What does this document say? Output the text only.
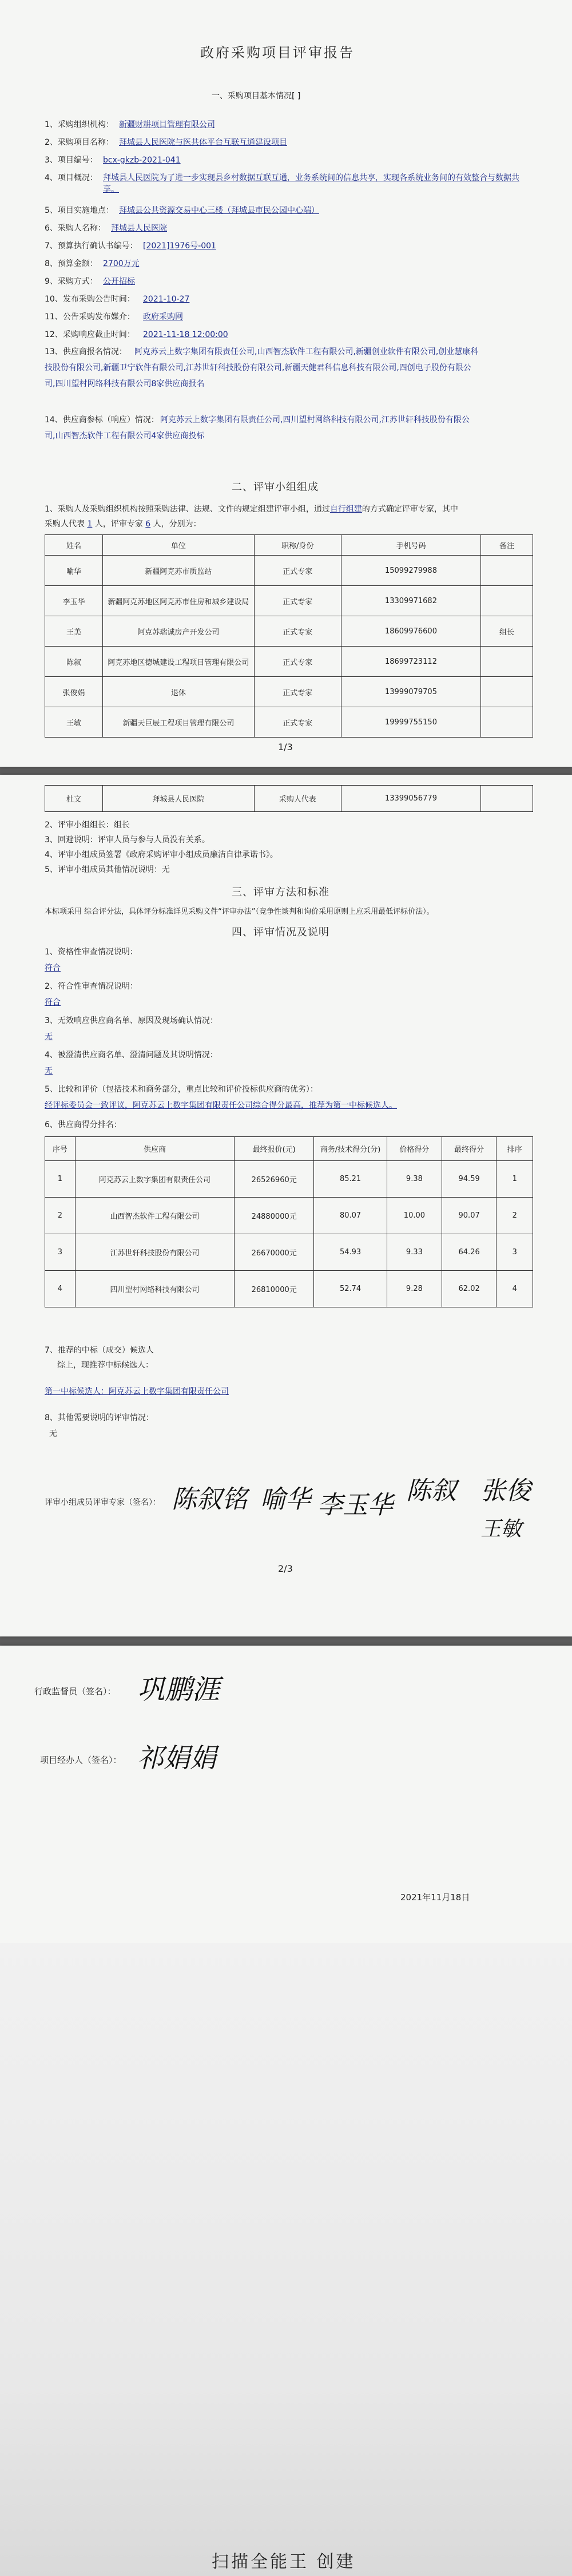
政府采购项目评审报告
一、采购项目基本情况[ ]
1、采购组织机构： 新疆财耕项目管理有限公司
2、采购项目名称： 拜城县人民医院与医共体平台互联互通建设项目
3、项目编号： bcx-gkzb-2021-041
4、项目概况： 拜城县人民医院为了进一步实现县乡村数据互联互通，业务系统间的信息共享，实现各系统业务间的有效整合与数据共享。
5、项目实施地点： 拜城县公共资源交易中心三楼（拜城县市民公园中心端）
6、采购人名称： 拜城县人民医院
7、预算执行确认书编号： [2021]1976号-001
8、预算金额： 2700万元
9、采购方式： 公开招标
10、发布采购公告时间： 2021-10-27
11、公告采购发布媒介： 政府采购网
12、采购响应截止时间： 2021-11-18 12:00:00
13、供应商报名情况： 阿克苏云上数字集团有限责任公司,山西智杰软件工程有限公司,新疆创业软件有限公司,创业慧康科
技股份有限公司,新疆卫宁软件有限公司,江苏世轩科技股份有限公司,新疆天健君科信息科技有限公司,四创电子股份有限公
司,四川望村网络科技有限公司8家供应商报名
14、供应商参标（响应）情况： 阿克苏云上数字集团有限责任公司,四川望村网络科技有限公司,江苏世轩科技股份有限公
司,山西智杰软件工程有限公司4家供应商投标
二、评审小组组成
1、采购人及采购组织机构按照采购法律、法规、文件的规定组建评审小组，通过自行组建的方式确定评审专家，其中
采购人代表 1 人，评审专家 6 人，分别为：
姓名	单位	职称/身份	手机号码	备注
喻华	新疆阿克苏市质监站	正式专家	15099279988	
李玉华	新疆阿克苏地区阿克苏市住房和城乡建设局	正式专家	13309971682	
王美	阿克苏瑞诚房产开发公司	正式专家	18609976600	组长
陈叙	阿克苏地区德城建设工程项目管理有限公司	正式专家	18699723112	
张俊娟	退休	正式专家	13999079705	
王敏	新疆天巨辰工程项目管理有限公司	正式专家	19999755150	
1/3
杜文	拜城县人民医院	采购人代表	13399056779	
2、评审小组组长：组长
3、回避说明：评审人员与参与人员没有关系。
4、评审小组成员签署《政府采购评审小组成员廉洁自律承诺书》。
5、评审小组成员其他情况说明：无
三、评审方法和标准
本标项采用 综合评分法，具体评分标准详见采购文件“评审办法”（竞争性谈判和询价采用原则上应采用最低评标价法）。
四、评审情况及说明
1、资格性审查情况说明：
符合
2、符合性审查情况说明：
符合
3、无效响应供应商名单、原因及现场确认情况：
无
4、被澄清供应商名单、澄清问题及其说明情况：
无
5、比较和评价（包括技术和商务部分，重点比较和评价投标供应商的优劣）：
经评标委员会一致评议，阿克苏云上数字集团有限责任公司综合得分最高，推荐为第一中标候选人。
6、供应商得分排名：
序号	供应商	最终报价(元)	商务/技术得分(分)	价格得分	最终得分	排序
1	阿克苏云上数字集团有限责任公司	26526960元	85.21	9.38	94.59	1
2	山西智杰软件工程有限公司	24880000元	80.07	10.00	90.07	2
3	江苏世轩科技股份有限公司	26670000元	54.93	9.33	64.26	3
4	四川望村网络科技有限公司	26810000元	52.74	9.28	62.02	4
7、推荐的中标（成交）候选人
综上，现推荐中标候选人：
第一中标候选人：阿克苏云上数字集团有限责任公司
8、其他需要说明的评审情况：
无
评审小组成员评审专家（签名）： 陈叙铭 喻华 李玉华 陈叙 张俊
王敏
2/3
行政监督员（签名）： 巩鹏涯
项目经办人（签名）： 祁娟娟
2021年11月18日
扫描全能王 创建
